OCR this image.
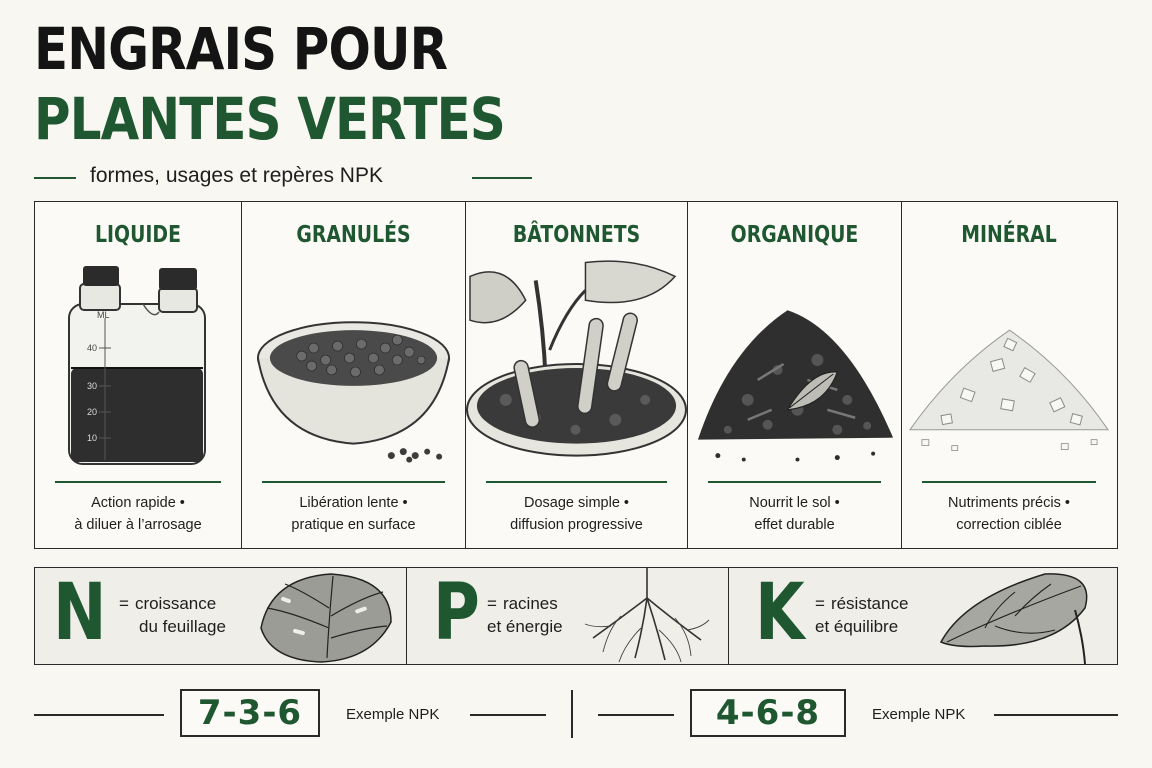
ENGRAIS POUR
PLANTES VERTES
formes, usages et repères NPK
LIQUIDE
ML
40
30
20
10
Action rapide •
à diluer à l’arrosage
GRANULÉS
Libération lente •
pratique en surface
BÂTONNETS
Dosage simple •
diffusion progressive
ORGANIQUE
Nourrit le sol •
effet durable
MINÉRAL
Nutriments précis •
correction ciblée
N = croissance
du feuillage	P = racines
et énergie K = résistance
et équilibre
7-3-6	Exemple NPK	4-6-8	Exemple NPK
